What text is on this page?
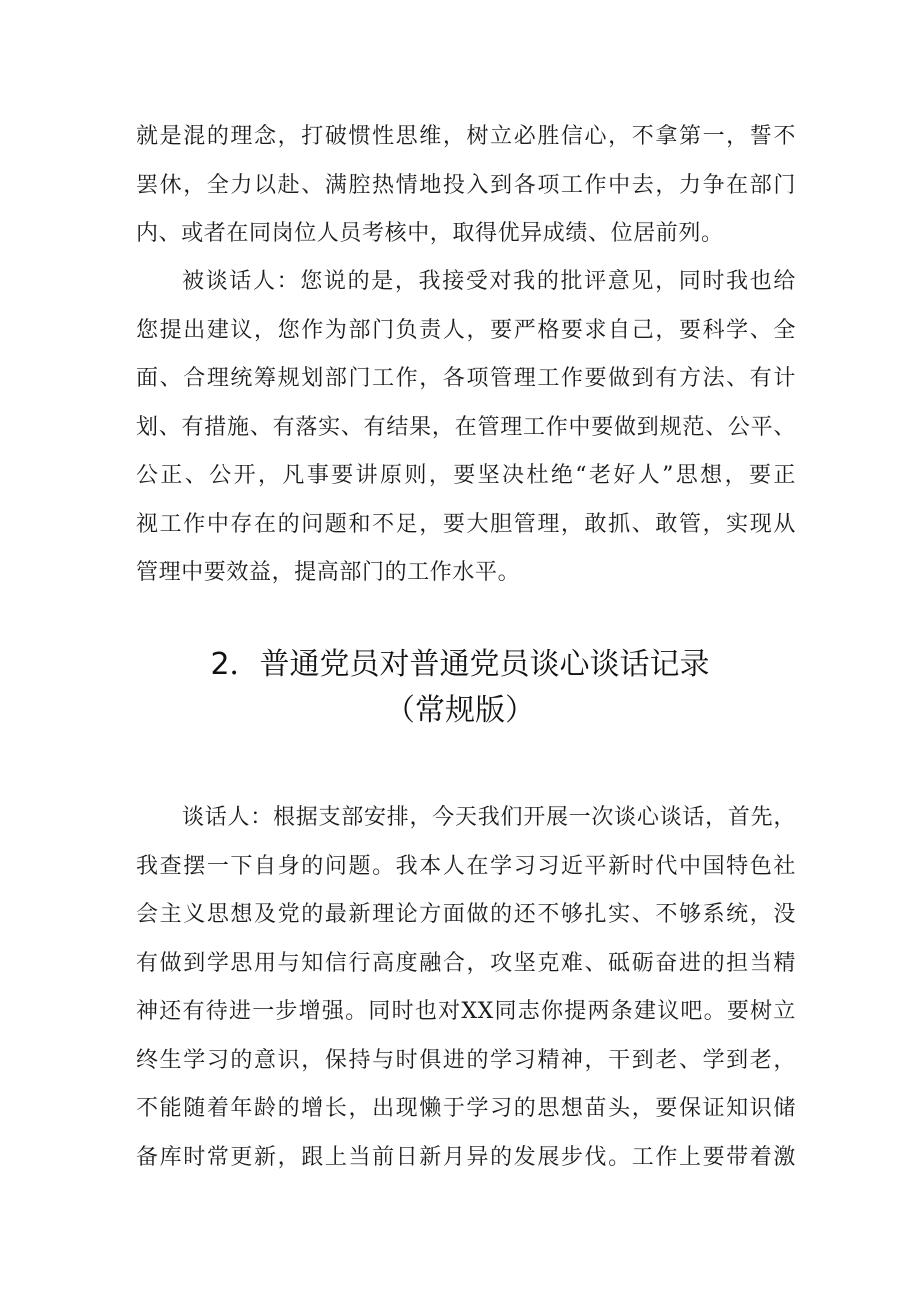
就是混的理念，打破惯性思维，树立必胜信心，不拿第一，誓不
罢休，全力以赴、满腔热情地投入到各项工作中去，力争在部门
内、或者在同岗位人员考核中，取得优异成绩、位居前列。
被谈话人：您说的是，我接受对我的批评意见，同时我也给
您提出建议，您作为部门负责人，要严格要求自己，要科学、全
面、合理统筹规划部门工作，各项管理工作要做到有方法、有计
划、有措施、有落实、有结果，在管理工作中要做到规范、公平、
公正、公开，凡事要讲原则，要坚决杜绝“老好人”思想，要正
视工作中存在的问题和不足，要大胆管理，敢抓、敢管，实现从
管理中要效益，提高部门的工作水平。
2．普通党员对普通党员谈心谈话记录
（常规版）
谈话人：根据支部安排，今天我们开展一次谈心谈话，首先，
我查摆一下自身的问题。我本人在学习习近平新时代中国特色社
会主义思想及党的最新理论方面做的还不够扎实、不够系统，没
有做到学思用与知信行高度融合，攻坚克难、砥砺奋进的担当精
神还有待进一步增强。同时也对XX同志你提两条建议吧。要树立
终生学习的意识，保持与时俱进的学习精神，干到老、学到老，
不能随着年龄的增长，出现懒于学习的思想苗头，要保证知识储
备库时常更新，跟上当前日新月异的发展步伐。工作上要带着激
